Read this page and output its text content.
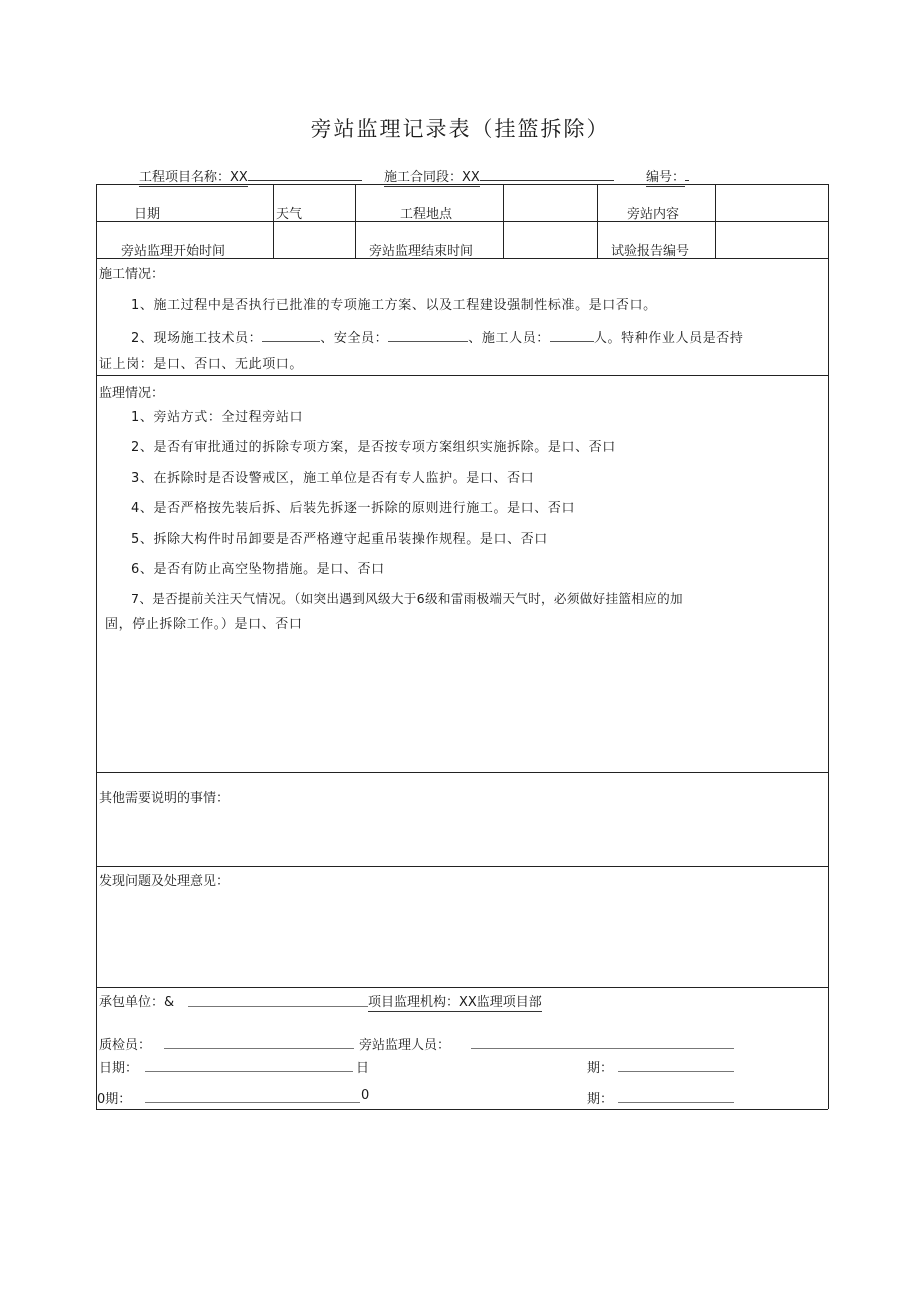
旁站监理记录表（挂篮拆除）
工程项目名称：XX	施工合同段：XX	编号：
日期	天气	工程地点	旁站内容
旁站监理开始时间	旁站监理结束时间	试验报告编号
施工情况：
1、施工过程中是否执行已批准的专项施工方案、以及工程建设强制性标准。是口否口。
2、现场施工技术员：	、安全员：	、施工人员：	人。特种作业人员是否持
证上岗：是口、否口、无此项口。
监理情况：
1、旁站方式：全过程旁站口
2、是否有审批通过的拆除专项方案，是否按专项方案组织实施拆除。是口、否口
3、在拆除时是否设警戒区，施工单位是否有专人监护。是口、否口
4、是否严格按先装后拆、后装先拆逐一拆除的原则进行施工。是口、否口
5、拆除大构件时吊卸要是否严格遵守起重吊装操作规程。是口、否口
6、是否有防止高空坠物措施。是口、否口
7、是否提前关注天气情况。（如突出遇到风级大于6级和雷雨极端天气时，必须做好挂篮相应的加
固，停止拆除工作。）是口、否口
其他需要说明的事情：
发现问题及处理意见：
承包单位：&	项目监理机构：XX监理项目部
质检员：	旁站监理人员：
日期：	日	期：
0期：	0	期：
